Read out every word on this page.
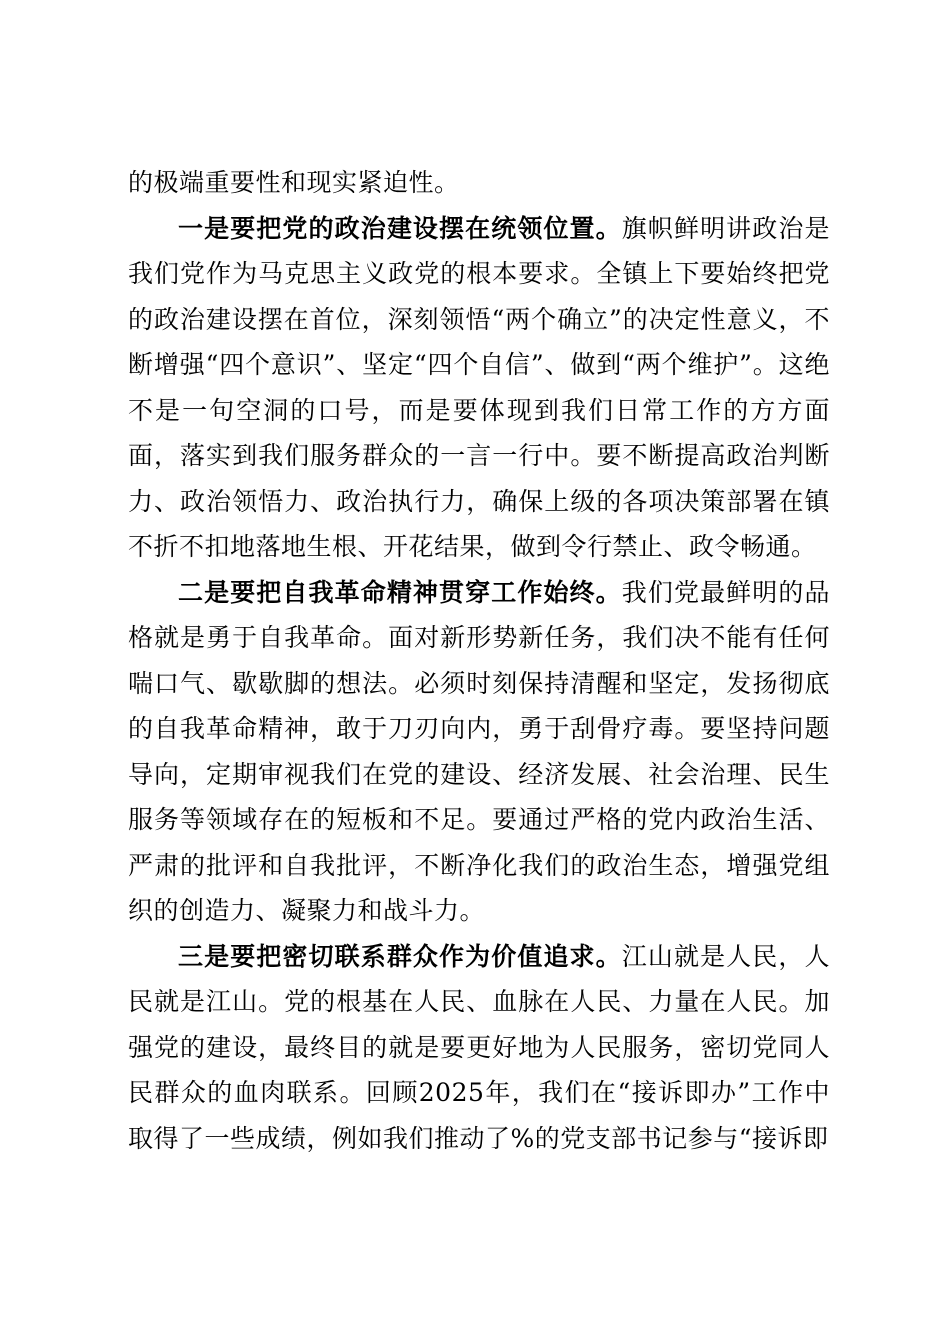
的极端重要性和现实紧迫性。

一是要把党的政治建设摆在统领位置。旗帜鲜明讲政治是我们党作为马克思主义政党的根本要求。全镇上下要始终把党的政治建设摆在首位，深刻领悟“两个确立”的决定性意义，不断增强“四个意识”、坚定“四个自信”、做到“两个维护”。这绝不是一句空洞的口号，而是要体现到我们日常工作的方方面面，落实到我们服务群众的一言一行中。要不断提高政治判断力、政治领悟力、政治执行力，确保上级的各项决策部署在镇不折不扣地落地生根、开花结果，做到令行禁止、政令畅通。

二是要把自我革命精神贯穿工作始终。我们党最鲜明的品格就是勇于自我革命。面对新形势新任务，我们决不能有任何喘口气、歇歇脚的想法。必须时刻保持清醒和坚定，发扬彻底的自我革命精神，敢于刀刃向内，勇于刮骨疗毒。要坚持问题导向，定期审视我们在党的建设、经济发展、社会治理、民生服务等领域存在的短板和不足。要通过严格的党内政治生活、严肃的批评和自我批评，不断净化我们的政治生态，增强党组织的创造力、凝聚力和战斗力。

三是要把密切联系群众作为价值追求。江山就是人民，人民就是江山。党的根基在人民、血脉在人民、力量在人民。加强党的建设，最终目的就是要更好地为人民服务，密切党同人民群众的血肉联系。回顾2025年，我们在“接诉即办”工作中取得了一些成绩，例如我们推动了%的党支部书记参与“接诉即
